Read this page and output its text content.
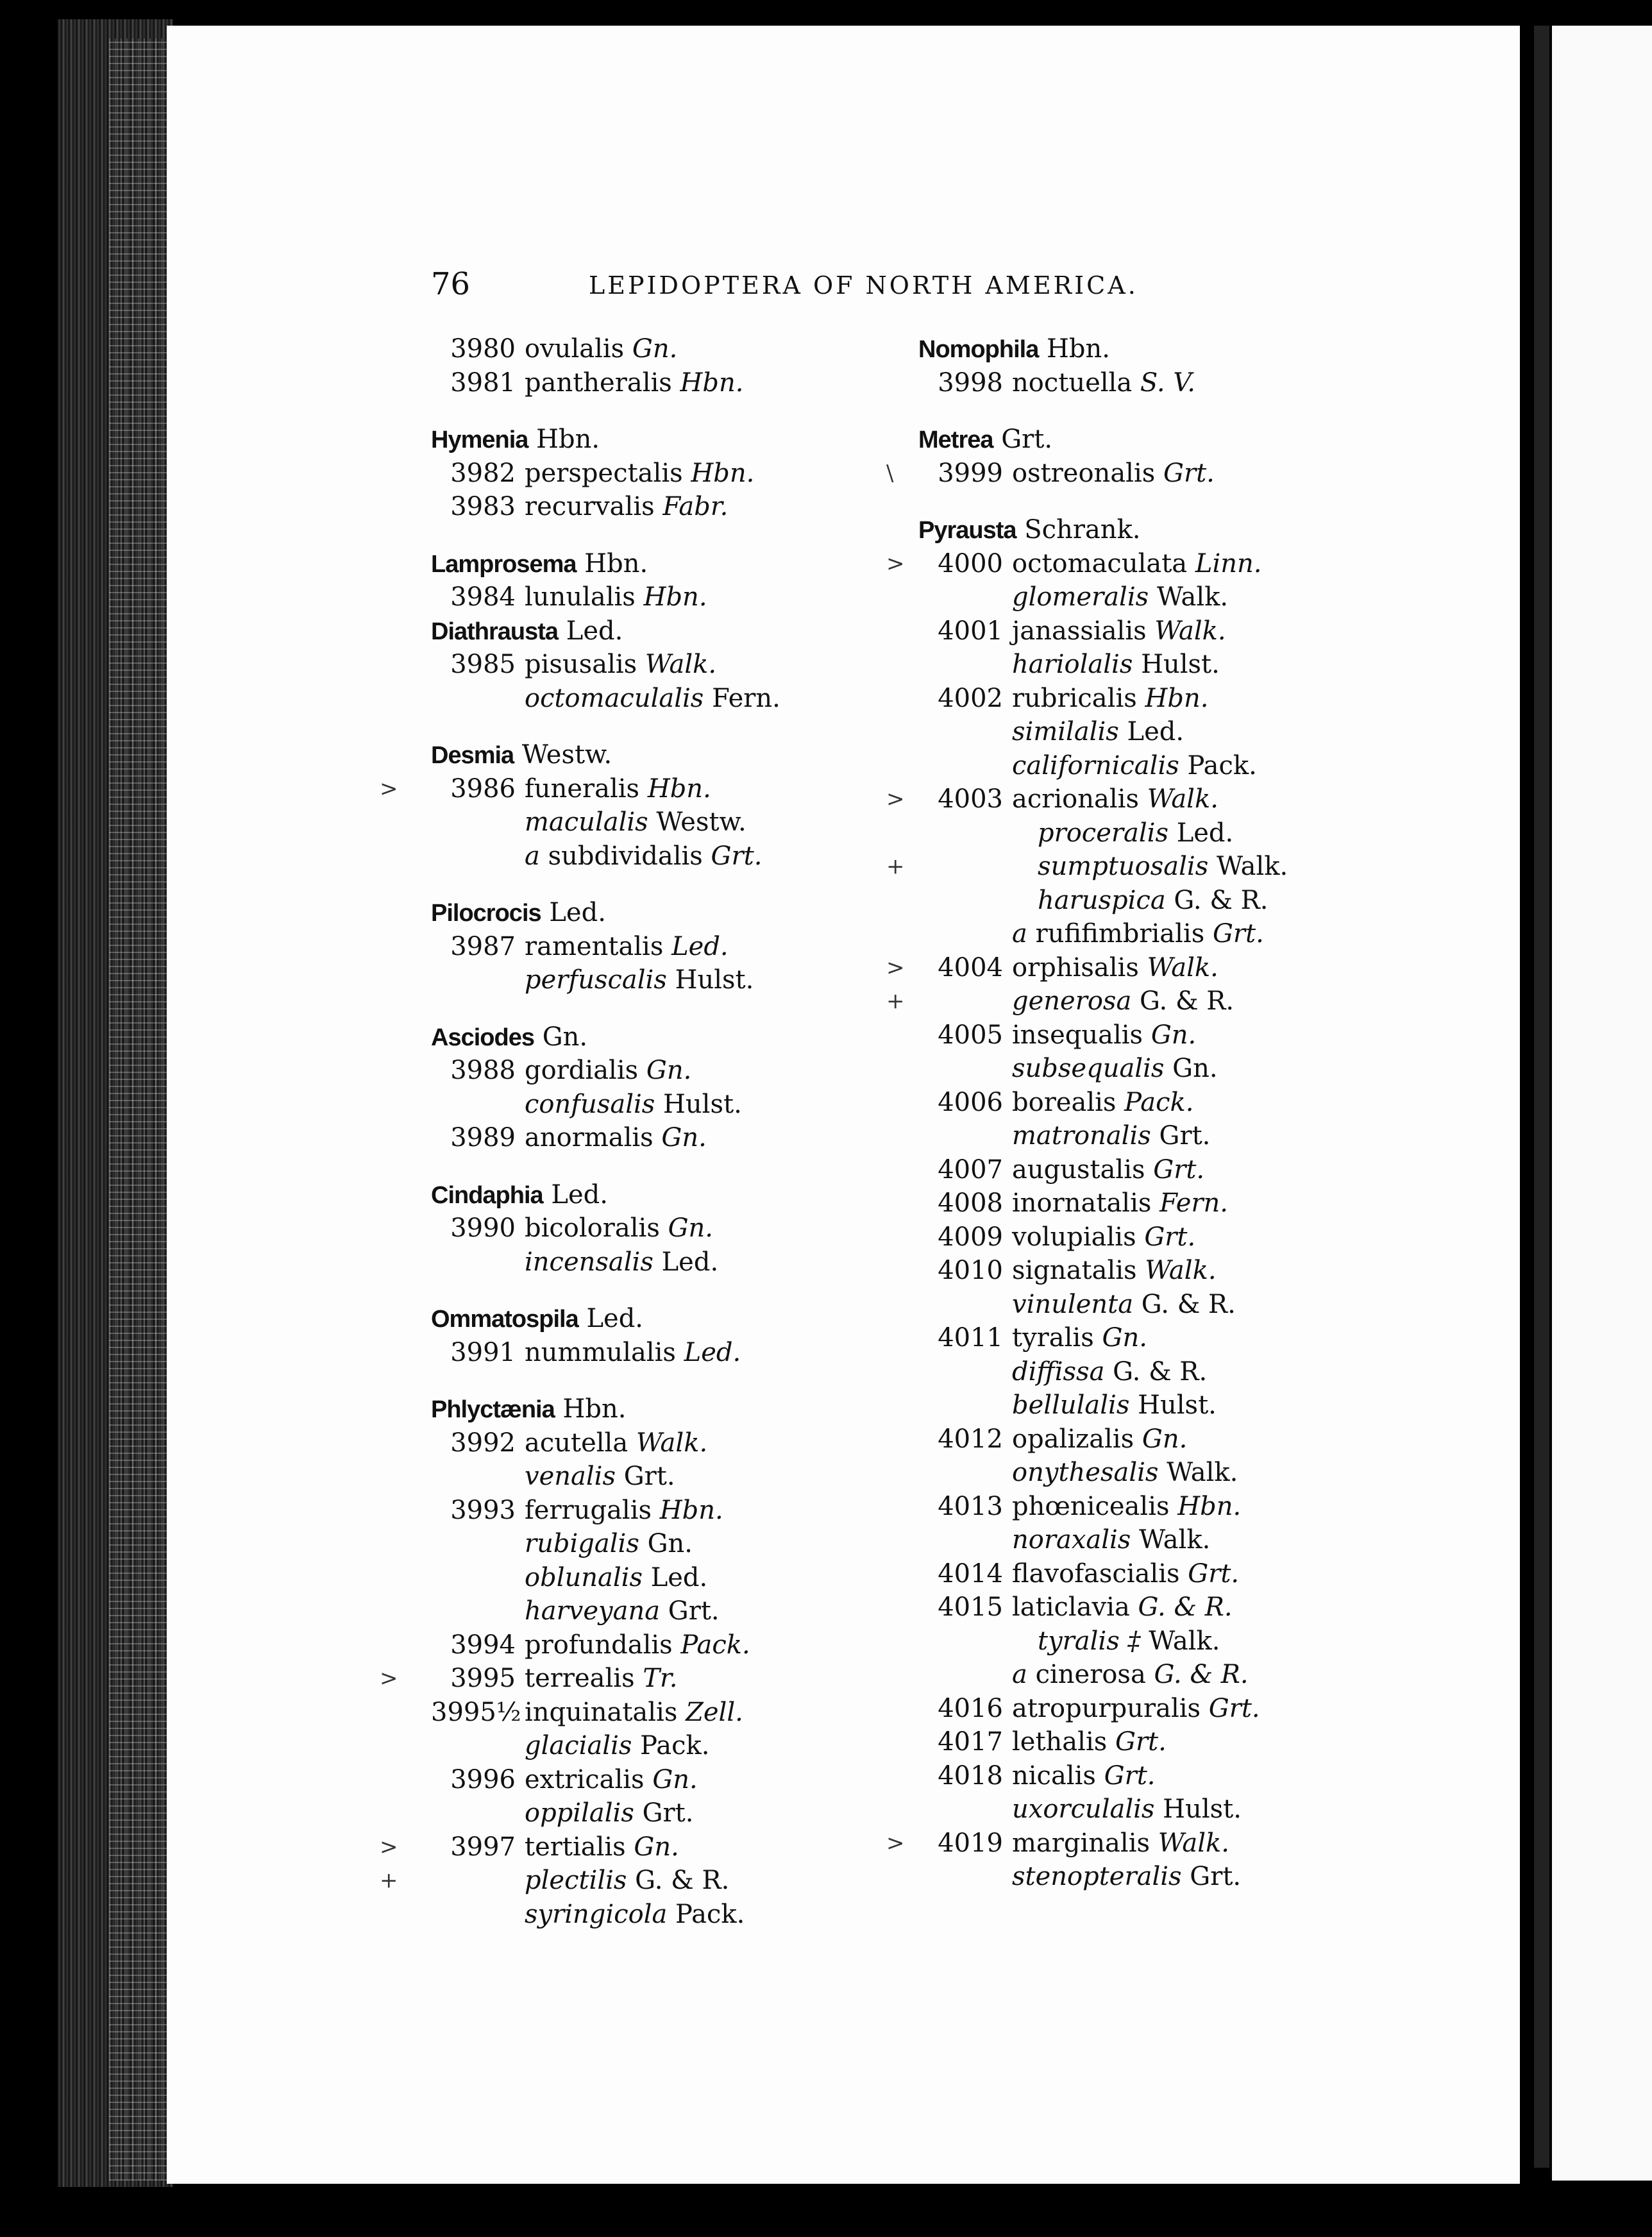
76	LEPIDOPTERA OF NORTH AMERICA.
3980 ovulalis Gn.
3981 pantheralis Hbn.
Hymenia Hbn.
3982 perspectalis Hbn.
3983 recurvalis Fabr.
Lamprosema Hbn.
3984 lunulalis Hbn.
Diathrausta Led.
3985 pisusalis Walk.
octomaculalis Fern.
Desmia Westw.
3986 funeralis Hbn.
>
maculalis Westw.
a subdividalis Grt.
Pilocrocis Led.
3987 ramentalis Led.
perfuscalis Hulst.
Asciodes Gn.
3988 gordialis Gn.
confusalis Hulst.
3989 anormalis Gn.
Cindaphia Led.
3990 bicoloralis Gn.
incensalis Led.
Ommatospila Led.
3991 nummulalis Led.
Phlyctænia Hbn.
3992 acutella Walk.
venalis Grt.
3993 ferrugalis Hbn.
rubigalis Gn.
oblunalis Led.
harveyana Grt.
3994 profundalis Pack.
3995 terrealis Tr.
>
3995½ inquinatalis Zell.
glacialis Pack.
3996 extricalis Gn.
oppilalis Grt.
3997 tertialis Gn.
>
plectilis G. & R.
+
syringicola Pack.
Nomophila Hbn.
3998 noctuella S. V.
Metrea Grt.
3999 ostreonalis Grt.
\
Pyrausta Schrank.
4000 octomaculata Linn.
>
glomeralis Walk.
4001 janassialis Walk.
hariolalis Hulst.
4002 rubricalis Hbn.
similalis Led.
californicalis Pack.
4003 acrionalis Walk.
>
proceralis Led.
sumptuosalis Walk.
+
haruspica G. & R.
a rufifimbrialis Grt.
4004 orphisalis Walk.
>
generosa G. & R.
+
4005 insequalis Gn.
subsequalis Gn.
4006 borealis Pack.
matronalis Grt.
4007 augustalis Grt.
4008 inornatalis Fern.
4009 volupialis Grt.
4010 signatalis Walk.
vinulenta G. & R.
4011 tyralis Gn.
diffissa G. & R.
bellulalis Hulst.
4012 opalizalis Gn.
onythesalis Walk.
4013 phœnicealis Hbn.
noraxalis Walk.
4014 flavofascialis Grt.
4015 laticlavia G. & R.
tyralis ‡ Walk.
a cinerosa G. & R.
4016 atropurpuralis Grt.
4017 lethalis Grt.
4018 nicalis Grt.
uxorculalis Hulst.
4019 marginalis Walk.
>
stenopteralis Grt.
